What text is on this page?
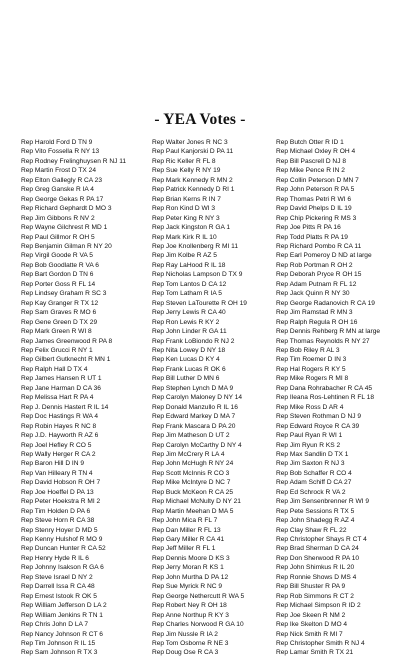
- YEA Votes -
Rep Harold Ford D TN 9
Rep Vito Fossella R NY 13
Rep Rodney Frelinghuysen R NJ 11
Rep Martin Frost D TX 24
Rep Elton Gallegly R CA 23
Rep Greg Ganske R IA 4
Rep George Gekas R PA 17
Rep Richard Gephardt D MO 3
Rep Jim Gibbons R NV 2
Rep Wayne Gilchrest R MD 1
Rep Paul Gillmor R OH 5
Rep Benjamin Gilman R NY 20
Rep Virgil Goode R VA 5
Rep Bob Goodlatte R VA 6
Rep Bart Gordon D TN 6
Rep Porter Goss R FL 14
Rep Lindsey Graham R SC 3
Rep Kay Granger R TX 12
Rep Sam Graves R MO 6
Rep Gene Green D TX 29
Rep Mark Green R WI 8
Rep James Greenwood R PA 8
Rep Felix Grucci R NY 1
Rep Gilbert Gutknecht R MN 1
Rep Ralph Hall D TX 4
Rep James Hansen R UT 1
Rep Jane Harman D CA 36
Rep Melissa Hart R PA 4
Rep J. Dennis Hastert R IL 14
Rep Doc Hastings R WA 4
Rep Robin Hayes R NC 8
Rep J.D. Hayworth R AZ 6
Rep Joel Hefley R CO 5
Rep Wally Herger R CA 2
Rep Baron Hill D IN 9
Rep Van Hilleary R TN 4
Rep David Hobson R OH 7
Rep Joe Hoeffel D PA 13
Rep Peter Hoekstra R MI 2
Rep Tim Holden D PA 6
Rep Steve Horn R CA 38
Rep Stenry Hoyer D MD 5
Rep Kenny Hulshof R MO 9
Rep Duncan Hunter R CA 52
Rep Henry Hyde R IL 6
Rep Johnny Isakson R GA 6
Rep Steve Israel D NY 2
Rep Darrell Issa R CA 48
Rep Ernest Istook R OK 5
Rep William Jefferson D LA 2
Rep William Jenkins R TN 1
Rep Chris John D LA 7
Rep Nancy Johnson R CT 6
Rep Tim Johnson R IL 15
Rep Sam Johnson R TX 3
Rep Walter Jones R NC 3
Rep Paul Kanjorski D PA 11
Rep Ric Keller R FL 8
Rep Sue Kelly R NY 19
Rep Mark Kennedy R MN 2
Rep Patrick Kennedy D RI 1
Rep Brian Kerns R IN 7
Rep Ron Kind D WI 3
Rep Peter King R NY 3
Rep Jack Kingston R GA 1
Rep Mark Kirk R IL 10
Rep Joe Knollenberg R MI 11
Rep Jim Kolbe R AZ 5
Rep Ray LaHood R IL 18
Rep Nicholas Lampson D TX 9
Rep Tom Lantos D CA 12
Rep Tom Latham R IA 5
Rep Steven LaTourette R OH 19
Rep Jerry Lewis R CA 40
Rep Ron Lewis R KY 2
Rep John Linder R GA 11
Rep Frank LoBiondo R NJ 2
Rep Nita Lowey D NY 18
Rep Ken Lucas D KY 4
Rep Frank Lucas R OK 6
Rep Bill Luther D MN 6
Rep Stephen Lynch D MA 9
Rep Carolyn Maloney D NY 14
Rep Donald Manzullo R IL 16
Rep Edward Markey D MA 7
Rep Frank Mascara D PA 20
Rep Jim Matheson D UT 2
Rep Carolyn McCarthy D NY 4
Rep Jim McCrery R LA 4
Rep John McHugh R NY 24
Rep Scott McInnis R CO 3
Rep Mike McIntyre D NC 7
Rep Buck McKeon R CA 25
Rep Michael McNulty D NY 21
Rep Martin Meehan D MA 5
Rep John Mica R FL 7
Rep Dan Miller R FL 13
Rep Gary Miller R CA 41
Rep Jeff Miller R FL 1
Rep Dennis Moore D KS 3
Rep Jerry Moran R KS 1
Rep John Murtha D PA 12
Rep Sue Myrick R NC 9
Rep George Nethercutt R WA 5
Rep Robert Ney R OH 18
Rep Anne Northup R KY 3
Rep Charles Norwood R GA 10
Rep Jim Nussle R IA 2
Rep Tom Osborne R NE 3
Rep Doug Ose R CA 3
Rep Butch Otter R ID 1
Rep Michael Oxley R OH 4
Rep Bill Pascrell D NJ 8
Rep Mike Pence R IN 2
Rep Collin Peterson D MN 7
Rep John Peterson R PA 5
Rep Thomas Petri R WI 6
Rep David Phelps D IL 19
Rep Chip Pickering R MS 3
Rep Joe Pitts R PA 16
Rep Todd Platts R PA 19
Rep Richard Pombo R CA 11
Rep Earl Pomeroy D ND at large
Rep Rob Portman R OH 2
Rep Deborah Pryce R OH 15
Rep Adam Putnam R FL 12
Rep Jack Quinn R NY 30
Rep George Radanovich R CA 19
Rep Jim Ramstad R MN 3
Rep Ralph Regula R OH 16
Rep Dennis Rehberg R MN at large
Rep Thomas Reynolds R NY 27
Rep Bob Riley R AL 3
Rep Tim Roemer D IN 3
Rep Hal Rogers R KY 5
Rep Mike Rogers R MI 8
Rep Dana Rohrabacher R CA 45
Rep Ileana Ros-Lehtinen R FL 18
Rep Mike Ross D AR 4
Rep Steven Rothman D NJ 9
Rep Edward Royce R CA 39
Rep Paul Ryan R WI 1
Rep Jim Ryun R KS 2
Rep Max Sandlin D TX 1
Rep Jim Saxton R NJ 3
Rep Bob Schaffer R CO 4
Rep Adam Schiff D CA 27
Rep Ed Schrock R VA 2
Rep Jim Sensenbrenner R WI 9
Rep Pete Sessions R TX 5
Rep John Shadegg R AZ 4
Rep Clay Shaw R FL 22
Rep Christopher Shays R CT 4
Rep Brad Sherman D CA 24
Rep Don Sherwood R PA 10
Rep John Shimkus R IL 20
Rep Ronnie Shows D MS 4
Rep Bill Shuster R PA 9
Rep Rob Simmons R CT 2
Rep Michael Simpson R ID 2
Rep Joe Skeen R NM 2
Rep Ike Skelton D MO 4
Rep Nick Smith R MI 7
Rep Christopher Smith R NJ 4
Rep Lamar Smith R TX 21
